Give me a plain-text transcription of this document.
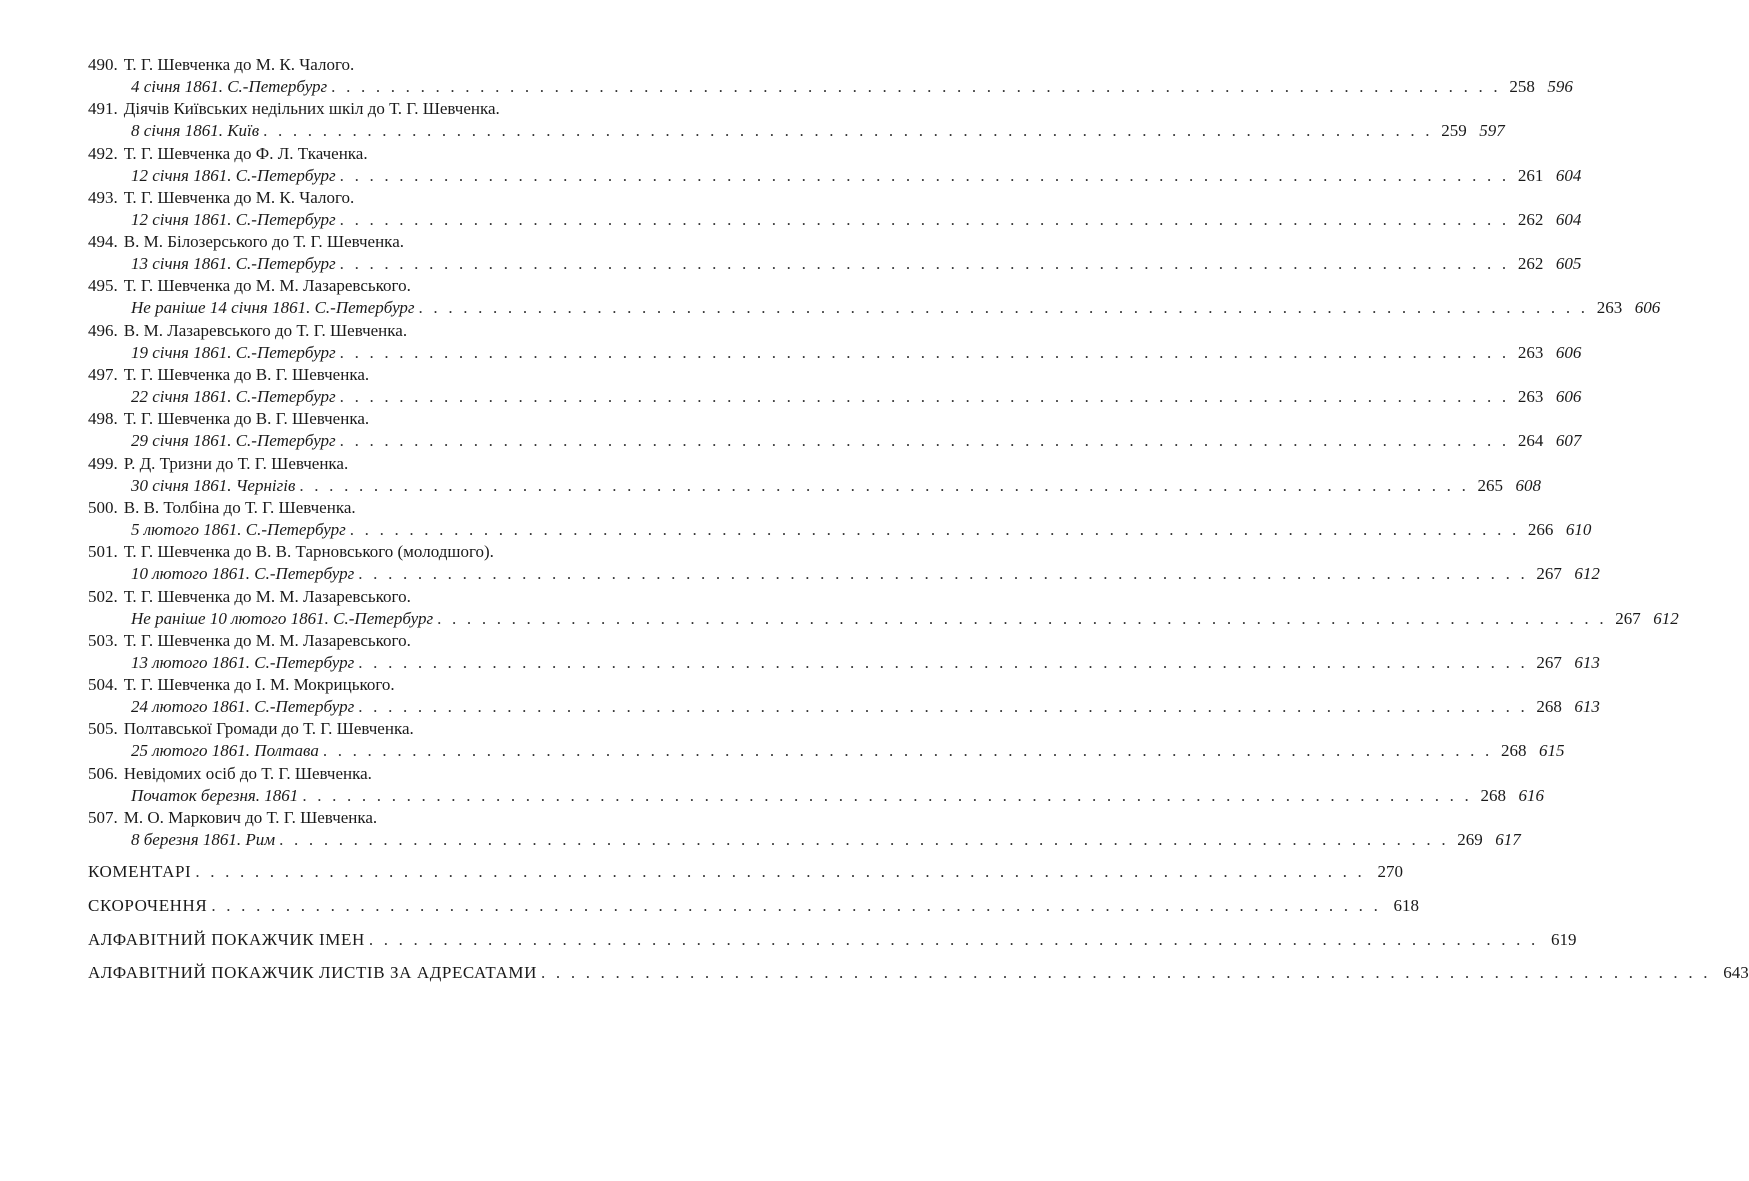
490. Т. Г. Шевченка до М. К. Чалого.
4 січня 1861. С.-Петербург . . . . . . . . . . . . . . . . . . . . . . . . . . . . . . . . . . . . . . . . . . . . . . . . . . . . . . . . . . . . . . . . . . . . . . . . . . . . . . . 258 596
491. Діячів Київських недільних шкіл до Т. Г. Шевченка.
8 січня 1861. Київ . . . . . . . . . . . . . . . . . . . . . . . . . . . . . . . . . . . . . . . . . . . . . . . . . . . . . . . . . . . . . . . . . . . . . . . . . . . . . . . 259 597
492. Т. Г. Шевченка до Ф. Л. Ткаченка.
12 січня 1861. С.-Петербург . . . . . . . . . . . . . . . . . . . . . . . . . . . . . . . . . . . . . . . . . . . . . . . . . . . . . . . . . . . . . . . . . . . . . . . . . . . . . . . 261 604
493. Т. Г. Шевченка до М. К. Чалого.
12 січня 1861. С.-Петербург . . . . . . . . . . . . . . . . . . . . . . . . . . . . . . . . . . . . . . . . . . . . . . . . . . . . . . . . . . . . . . . . . . . . . . . . . . . . . . . 262 604
494. В. М. Білозерського до Т. Г. Шевченка.
13 січня 1861. С.-Петербург . . . . . . . . . . . . . . . . . . . . . . . . . . . . . . . . . . . . . . . . . . . . . . . . . . . . . . . . . . . . . . . . . . . . . . . . . . . . . . . 262 605
495. Т. Г. Шевченка до М. М. Лазаревського.
Не раніше 14 січня 1861. С.-Петербург . . . . . . . . . . . . . . . . . . . . . . . . . . . . . . . . . . . . . . . . . . . . . . . . . . . . . . . . . . . . . . . . . . . . . . . . . . . . . . . 263 606
496. В. М. Лазаревського до Т. Г. Шевченка.
19 січня 1861. С.-Петербург . . . . . . . . . . . . . . . . . . . . . . . . . . . . . . . . . . . . . . . . . . . . . . . . . . . . . . . . . . . . . . . . . . . . . . . . . . . . . . . 263 606
497. Т. Г. Шевченка до В. Г. Шевченка.
22 січня 1861. С.-Петербург . . . . . . . . . . . . . . . . . . . . . . . . . . . . . . . . . . . . . . . . . . . . . . . . . . . . . . . . . . . . . . . . . . . . . . . . . . . . . . . 263 606
498. Т. Г. Шевченка до В. Г. Шевченка.
29 січня 1861. С.-Петербург . . . . . . . . . . . . . . . . . . . . . . . . . . . . . . . . . . . . . . . . . . . . . . . . . . . . . . . . . . . . . . . . . . . . . . . . . . . . . . . 264 607
499. Р. Д. Тризни до Т. Г. Шевченка.
30 січня 1861. Чернігів . . . . . . . . . . . . . . . . . . . . . . . . . . . . . . . . . . . . . . . . . . . . . . . . . . . . . . . . . . . . . . . . . . . . . . . . . . . . . . . 265 608
500. В. В. Толбіна до Т. Г. Шевченка.
5 лютого 1861. С.-Петербург . . . . . . . . . . . . . . . . . . . . . . . . . . . . . . . . . . . . . . . . . . . . . . . . . . . . . . . . . . . . . . . . . . . . . . . . . . . . . . . 266 610
501. Т. Г. Шевченка до В. В. Тарновського (молодшого).
10 лютого 1861. С.-Петербург . . . . . . . . . . . . . . . . . . . . . . . . . . . . . . . . . . . . . . . . . . . . . . . . . . . . . . . . . . . . . . . . . . . . . . . . . . . . . . . 267 612
502. Т. Г. Шевченка до М. М. Лазаревського.
Не раніше 10 лютого 1861. С.-Петербург . . . . . . . . . . . . . . . . . . . . . . . . . . . . . . . . . . . . . . . . . . . . . . . . . . . . . . . . . . . . . . . . . . . . . . . . . . . . . . . 267 612
503. Т. Г. Шевченка до М. М. Лазаревського.
13 лютого 1861. С.-Петербург . . . . . . . . . . . . . . . . . . . . . . . . . . . . . . . . . . . . . . . . . . . . . . . . . . . . . . . . . . . . . . . . . . . . . . . . . . . . . . . 267 613
504. Т. Г. Шевченка до І. М. Мокрицького.
24 лютого 1861. С.-Петербург . . . . . . . . . . . . . . . . . . . . . . . . . . . . . . . . . . . . . . . . . . . . . . . . . . . . . . . . . . . . . . . . . . . . . . . . . . . . . . . 268 613
505. Полтавської Громади до Т. Г. Шевченка.
25 лютого 1861. Полтава . . . . . . . . . . . . . . . . . . . . . . . . . . . . . . . . . . . . . . . . . . . . . . . . . . . . . . . . . . . . . . . . . . . . . . . . . . . . . . . 268 615
506. Невідомих осіб до Т. Г. Шевченка.
Початок березня. 1861 . . . . . . . . . . . . . . . . . . . . . . . . . . . . . . . . . . . . . . . . . . . . . . . . . . . . . . . . . . . . . . . . . . . . . . . . . . . . . . . 268 616
507. М. О. Маркович до Т. Г. Шевченка.
8 березня 1861. Рим . . . . . . . . . . . . . . . . . . . . . . . . . . . . . . . . . . . . . . . . . . . . . . . . . . . . . . . . . . . . . . . . . . . . . . . . . . . . . . . 269 617
КОМЕНТАРІ . . . . . . . . . . . . . . . . . . . . . . . . . . . . . . . . . . . . . . . . . . . . . . . . . . . . . . . . . . . . . . . . . . . . . . . . . . . . . . . 270
СКОРОЧЕННЯ . . . . . . . . . . . . . . . . . . . . . . . . . . . . . . . . . . . . . . . . . . . . . . . . . . . . . . . . . . . . . . . . . . . . . . . . . . . . . . . 618
АЛФАВІТНИЙ ПОКАЖЧИК ІМЕН . . . . . . . . . . . . . . . . . . . . . . . . . . . . . . . . . . . . . . . . . . . . . . . . . . . . . . . . . . . . . . . . . . . . . . . . . . . . . . . 619
АЛФАВІТНИЙ ПОКАЖЧИК ЛИСТІВ ЗА АДРЕСАТАМИ . . . . . . . . . . . . . . . . . . . . . . . . . . . . . . . . . . . . . . . . . . . . . . . . . . . . . . . . . . . . . . . . . . . . . . . . . . . . . . . 643
